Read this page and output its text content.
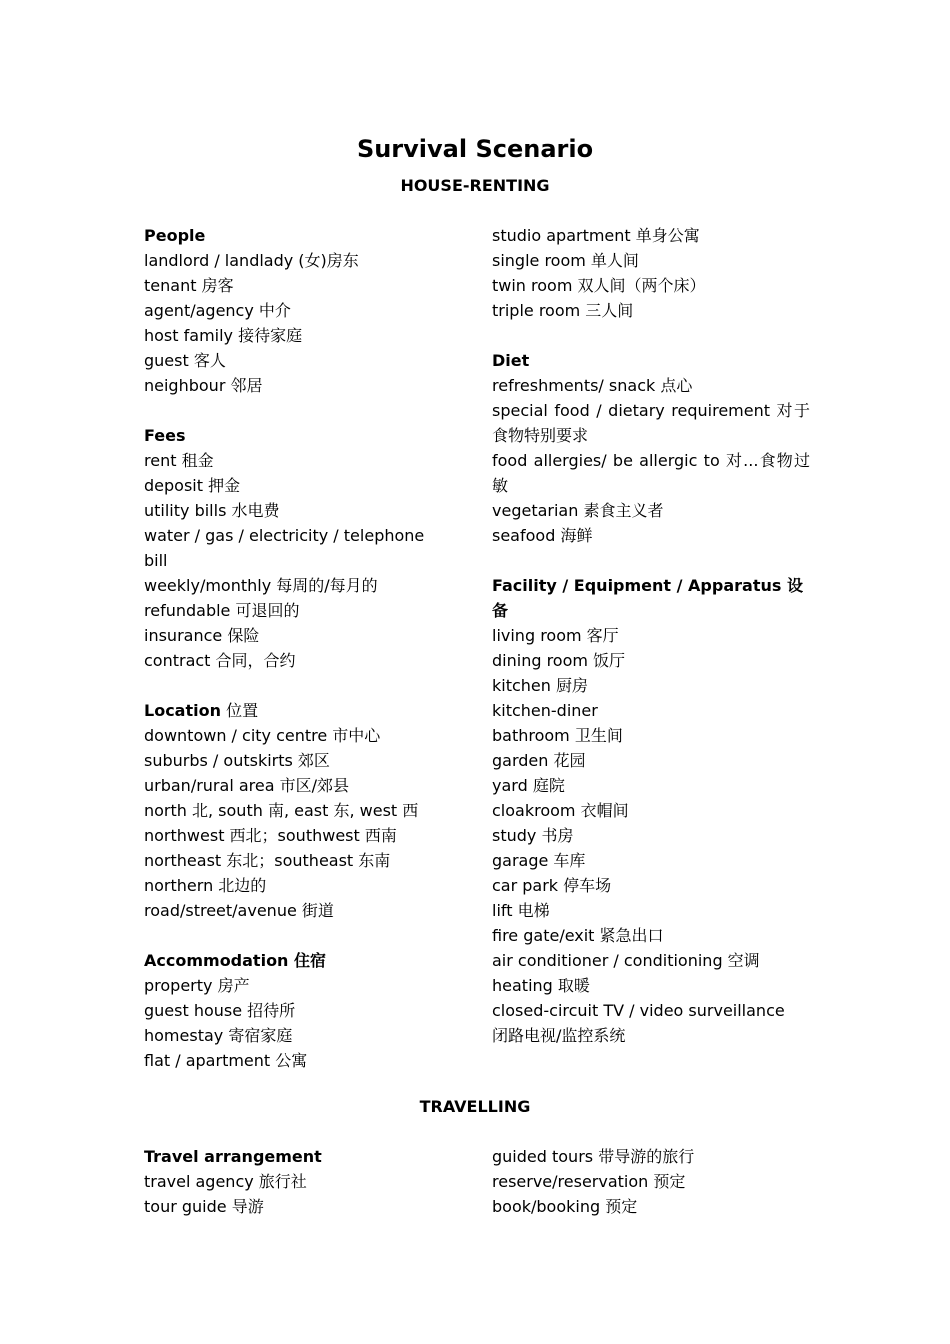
Survival Scenario
HOUSE-RENTING
People
landlord / landlady (女)房东
tenant 房客
agent/agency 中介
host family 接待家庭
guest 客人
neighbour 邻居
Fees
rent 租金
deposit 押金
utility bills 水电费
water / gas / electricity / telephone
bill
weekly/monthly 每周的/每月的
refundable 可退回的
insurance 保险
contract 合同，合约
Location 位置
downtown / city centre 市中心
suburbs / outskirts 郊区
urban/rural area 市区/郊县
north 北, south 南, east 东, west 西
northwest 西北；southwest 西南
northeast 东北；southeast 东南
northern 北边的
road/street/avenue 街道
Accommodation 住宿
property 房产
guest house 招待所
homestay 寄宿家庭
flat / apartment 公寓
studio apartment 单身公寓
single room 单人间
twin room 双人间（两个床）
triple room 三人间
Diet
refreshments/ snack 点心
special food / dietary requirement 对于食物特别要求
food allergies/ be allergic to 对...食物过敏
vegetarian 素食主义者
seafood 海鲜
Facility / Equipment / Apparatus 设备
living room 客厅
dining room 饭厅
kitchen 厨房
kitchen-diner
bathroom 卫生间
garden 花园
yard 庭院
cloakroom 衣帽间
study 书房
garage 车库
car park 停车场
lift 电梯
fire gate/exit 紧急出口
air conditioner / conditioning 空调
heating 取暖
closed-circuit TV / video surveillance
闭路电视/监控系统
TRAVELLING
Travel arrangement
travel agency 旅行社
tour guide 导游
guided tours 带导游的旅行
reserve/reservation 预定
book/booking 预定
